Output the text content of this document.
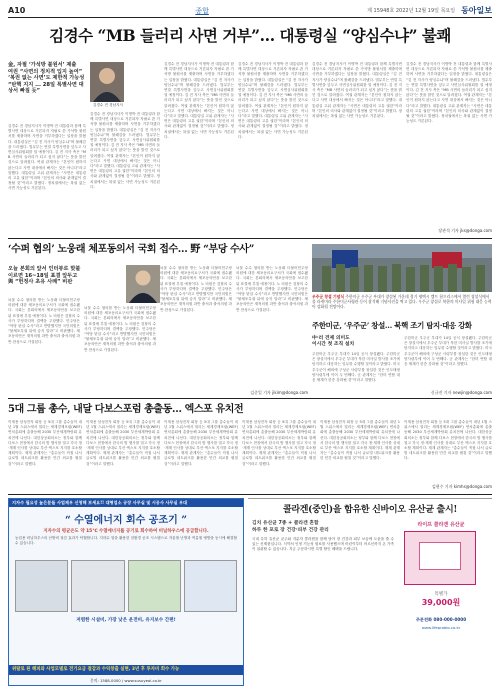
A10	종합	제 15948호 2022년 12월 19일 목요일 동아일보
김경수 “MB 들러리 사면 거부”… 대통령실 “양심수냐” 불쾌
金, 자필 ‘가석방 불원서’ 제출
여권 “사면의 정치적 입지 높여”
‘복권 없는 사면’도 제한적 가능성
“탄핵 지지 ... 28일 특별사면 대상서 빠질 듯”
김경수 전 경남지사
김경수 전 경남지사가 이명박 전 대통령과 함께 특별사면 대상으로 거론되자 자필로 쓴 가석방 불원서를 제출하며 사면을 거부하겠다는 입장을 밝혔다. 대통령실은 “김 전 지사가 양심수냐”며 불쾌감을 드러냈다. 법무부는 연말 특별사면을 앞두고 사면심사위원회를 열 예정이다. 김 전 지사 측은 “MB 사면의 들러리가 되고 싶지 않다”는 뜻을 밝힌 것으로 알려졌다. 여권 관계자는 “본인이 원하지 않는다고 사면 대상에서 빠지는 것은 아니다”라고 말했다. 대통령실 고위 관계자는 “사면은 대통령의 고유 권한”이라며 “본인의 의사와 관계없이 결정될 것”이라고 밝혔다. 정치권에서는 복권 없는 사면 가능성도 거론된다.
김경수 전 경남지사가 이명박 전 대통령과 함께 특별사면 대상으로 거론되자 자필로 쓴 가석방 불원서를 제출하며 사면을 거부하겠다는 입장을 밝혔다. 대통령실은 “김 전 지사가 양심수냐”며 불쾌감을 드러냈다. 법무부는 연말 특별사면을 앞두고 사면심사위원회를 열 예정이다. 김 전 지사 측은 “MB 사면의 들러리가 되고 싶지 않다”는 뜻을 밝힌 것으로 알려졌다. 여권 관계자는 “본인이 원하지 않는다고 사면 대상에서 빠지는 것은 아니다”라고 말했다. 대통령실 고위 관계자는 “사면은 대통령의 고유 권한”이라며 “본인의 의사와 관계없이 결정될 것”이라고 밝혔다. 정치권에서는 복권 없는 사면 가능성도 거론된다.
김경수 전 경남지사가 이명박 전 대통령과 함께 특별사면 대상으로 거론되자 자필로 쓴 가석방 불원서를 제출하며 사면을 거부하겠다는 입장을 밝혔다. 대통령실은 “김 전 지사가 양심수냐”며 불쾌감을 드러냈다. 법무부는 연말 특별사면을 앞두고 사면심사위원회를 열 예정이다. 김 전 지사 측은 “MB 사면의 들러리가 되고 싶지 않다”는 뜻을 밝힌 것으로 알려졌다. 여권 관계자는 “본인이 원하지 않는다고 사면 대상에서 빠지는 것은 아니다”라고 말했다. 대통령실 고위 관계자는 “사면은 대통령의 고유 권한”이라며 “본인의 의사와 관계없이 결정될 것”이라고 밝혔다. 정치권에서는 복권 없는 사면 가능성도 거론된다.
김경수 전 경남지사가 이명박 전 대통령과 함께 특별사면 대상으로 거론되자 자필로 쓴 가석방 불원서를 제출하며 사면을 거부하겠다는 입장을 밝혔다. 대통령실은 “김 전 지사가 양심수냐”며 불쾌감을 드러냈다. 법무부는 연말 특별사면을 앞두고 사면심사위원회를 열 예정이다. 김 전 지사 측은 “MB 사면의 들러리가 되고 싶지 않다”는 뜻을 밝힌 것으로 알려졌다. 여권 관계자는 “본인이 원하지 않는다고 사면 대상에서 빠지는 것은 아니다”라고 말했다. 대통령실 고위 관계자는 “사면은 대통령의 고유 권한”이라며 “본인의 의사와 관계없이 결정될 것”이라고 밝혔다. 정치권에서는 복권 없는 사면 가능성도 거론된다.
김경수 전 경남지사가 이명박 전 대통령과 함께 특별사면 대상으로 거론되자 자필로 쓴 가석방 불원서를 제출하며 사면을 거부하겠다는 입장을 밝혔다. 대통령실은 “김 전 지사가 양심수냐”며 불쾌감을 드러냈다. 법무부는 연말 특별사면을 앞두고 사면심사위원회를 열 예정이다. 김 전 지사 측은 “MB 사면의 들러리가 되고 싶지 않다”는 뜻을 밝힌 것으로 알려졌다. 여권 관계자는 “본인이 원하지 않는다고 사면 대상에서 빠지는 것은 아니다”라고 말했다. 대통령실 고위 관계자는 “사면은 대통령의 고유 권한”이라며 “본인의 의사와 관계없이 결정될 것”이라고 밝혔다. 정치권에서는 복권 없는 사면 가능성도 거론된다.
김경수 전 경남지사가 이명박 전 대통령과 함께 특별사면 대상으로 거론되자 자필로 쓴 가석방 불원서를 제출하며 사면을 거부하겠다는 입장을 밝혔다. 대통령실은 “김 전 지사가 양심수냐”며 불쾌감을 드러냈다. 법무부는 연말 특별사면을 앞두고 사면심사위원회를 열 예정이다. 김 전 지사 측은 “MB 사면의 들러리가 되고 싶지 않다”는 뜻을 밝힌 것으로 알려졌다. 여권 관계자는 “본인이 원하지 않는다고 사면 대상에서 빠지는 것은 아니다”라고 말했다. 대통령실 고위 관계자는 “사면은 대통령의 고유 권한”이라며 “본인의 의사와 관계없이 결정될 것”이라고 밝혔다. 정치권에서는 복권 없는 사면 가능성도 거론된다.
장관석 기자 jks@donga.com
‘수퍼 협의’ 노웅래 체포동의서 국회 접수… 野 “부당 수사”
오늘 본회의 앞서 인터뷰로 맞불
이르면 16~18일 표결 앞두고
與 “헌정사 초유 사례” 비판
뇌물 수수 혐의를 받는 노웅래 더불어민주당 의원에 대한 체포동의요구서가 국회에 접수됐다. 국회는 본회의에서 체포동의안을 보고한 뒤 표결에 부칠 예정이다. 노 의원은 검찰의 수사가 부당하다며 결백을 주장했다. 민주당은 “야당 탄압 수사”라고 반발했지만 국민의힘은 “불체포특권 뒤에 숨지 말라”고 비판했다. 체포동의안은 재적의원 과반 출석과 출석의원 과반 찬성으로 가결된다.
뇌물 수수 혐의를 받는 노웅래 더불어민주당 의원에 대한 체포동의요구서가 국회에 접수됐다. 국회는 본회의에서 체포동의안을 보고한 뒤 표결에 부칠 예정이다. 노 의원은 검찰의 수사가 부당하다며 결백을 주장했다. 민주당은 “야당 탄압 수사”라고 반발했지만 국민의힘은 “불체포특권 뒤에 숨지 말라”고 비판했다. 체포동의안은 재적의원 과반 출석과 출석의원 과반 찬성으로 가결된다.
뇌물 수수 혐의를 받는 노웅래 더불어민주당 의원에 대한 체포동의요구서가 국회에 접수됐다. 국회는 본회의에서 체포동의안을 보고한 뒤 표결에 부칠 예정이다. 노 의원은 검찰의 수사가 부당하다며 결백을 주장했다. 민주당은 “야당 탄압 수사”라고 반발했지만 국민의힘은 “불체포특권 뒤에 숨지 말라”고 비판했다. 체포동의안은 재적의원 과반 출석과 출석의원 과반 찬성으로 가결된다.
뇌물 수수 혐의를 받는 노웅래 더불어민주당 의원에 대한 체포동의요구서가 국회에 접수됐다. 국회는 본회의에서 체포동의안을 보고한 뒤 표결에 부칠 예정이다. 노 의원은 검찰의 수사가 부당하다며 결백을 주장했다. 민주당은 “야당 탄압 수사”라고 반발했지만 국민의힘은 “불체포특권 뒤에 숨지 말라”고 비판했다. 체포동의안은 재적의원 과반 출석과 출석의원 과반 찬성으로 가결된다.
김준일 기자 jikim@donga.com
우주군 창설 기념식 주한미군 우주군 부대가 창설된 가운데 경기 평택시 캠프 험프리스에서 열린 창설식에서 폴 라캐머라 주한미군사령관 등이 참석해 기념사진을 찍고 있다. 우주군 창설로 북한의 미사일 위협 대응 능력이 강화될 전망이다.
주한미군, ‘우주군’ 창설… 북핵 조기 탐지·대응 강화
中·러 견제 의미도
이시간 첫 조직 설치
주한미군 우주군 부대가 14일 공식 창설됐다. 주한미군은 창설식에서 우주군 부대가 북한 미사일 발사를 조기에 탐지하고 대응하는 임무를 수행할 것이라고 밝혔다. 미국 우주군이 해외에 구성군 사령부를 창설한 것은 인도태평양사령부에 이어 두 번째다. 군 관계자는 “한미 연합 대응 체계가 한층 강화될 것”이라고 말했다.
주한미군 우주군 부대가 14일 공식 창설됐다. 주한미군은 창설식에서 우주군 부대가 북한 미사일 발사를 조기에 탐지하고 대응하는 임무를 수행할 것이라고 밝혔다. 미국 우주군이 해외에 구성군 사령부를 창설한 것은 인도태평양사령부에 이어 두 번째다. 군 관계자는 “한미 연합 대응 체계가 한층 강화될 것”이라고 말했다.
신규진 기자 newjin@donga.com
5대 그룹 총수, 내달 다보스포럼 총출동… 엑스포 유치전
이재용 삼성전자 회장 등 5대 그룹 총수들이 내년 1월 스위스에서 열리는 세계경제포럼(WEF) 연차총회에 총출동해 2030 부산세계박람회 유치전에 나선다. 대한상공회의소는 정부와 함께 다보스 현장에서 한국의 밤 행사를 열고 각국 정·재계 인사를 상대로 부산 엑스포 지지를 호소할 계획이다. 재계 관계자는 “총수들이 직접 나서 글로벌 네트워크를 활용한 민간 외교를 펼칠 것”이라고 말했다.
이재용 삼성전자 회장 등 5대 그룹 총수들이 내년 1월 스위스에서 열리는 세계경제포럼(WEF) 연차총회에 총출동해 2030 부산세계박람회 유치전에 나선다. 대한상공회의소는 정부와 함께 다보스 현장에서 한국의 밤 행사를 열고 각국 정·재계 인사를 상대로 부산 엑스포 지지를 호소할 계획이다. 재계 관계자는 “총수들이 직접 나서 글로벌 네트워크를 활용한 민간 외교를 펼칠 것”이라고 말했다.
이재용 삼성전자 회장 등 5대 그룹 총수들이 내년 1월 스위스에서 열리는 세계경제포럼(WEF) 연차총회에 총출동해 2030 부산세계박람회 유치전에 나선다. 대한상공회의소는 정부와 함께 다보스 현장에서 한국의 밤 행사를 열고 각국 정·재계 인사를 상대로 부산 엑스포 지지를 호소할 계획이다. 재계 관계자는 “총수들이 직접 나서 글로벌 네트워크를 활용한 민간 외교를 펼칠 것”이라고 말했다.
이재용 삼성전자 회장 등 5대 그룹 총수들이 내년 1월 스위스에서 열리는 세계경제포럼(WEF) 연차총회에 총출동해 2030 부산세계박람회 유치전에 나선다. 대한상공회의소는 정부와 함께 다보스 현장에서 한국의 밤 행사를 열고 각국 정·재계 인사를 상대로 부산 엑스포 지지를 호소할 계획이다. 재계 관계자는 “총수들이 직접 나서 글로벌 네트워크를 활용한 민간 외교를 펼칠 것”이라고 말했다.
이재용 삼성전자 회장 등 5대 그룹 총수들이 내년 1월 스위스에서 열리는 세계경제포럼(WEF) 연차총회에 총출동해 2030 부산세계박람회 유치전에 나선다. 대한상공회의소는 정부와 함께 다보스 현장에서 한국의 밤 행사를 열고 각국 정·재계 인사를 상대로 부산 엑스포 지지를 호소할 계획이다. 재계 관계자는 “총수들이 직접 나서 글로벌 네트워크를 활용한 민간 외교를 펼칠 것”이라고 말했다.
이재용 삼성전자 회장 등 5대 그룹 총수들이 내년 1월 스위스에서 열리는 세계경제포럼(WEF) 연차총회에 총출동해 2030 부산세계박람회 유치전에 나선다. 대한상공회의소는 정부와 함께 다보스 현장에서 한국의 밤 행사를 열고 각국 정·재계 인사를 상대로 부산 엑스포 지지를 호소할 계획이다. 재계 관계자는 “총수들이 직접 나서 글로벌 네트워크를 활용한 민간 외교를 펼칠 것”이라고 말했다.
김현수 기자 kimhs@donga.com
지자수 필요성 높은분들 사업제우 신청해 보세요!! 대형업소 공장 사무실 및 시공사 사무실 우대
“ 수열에너지 회수 공조기 ”
지자수의 평균온도 약 15℃ 수열에너지를 공기로 회수하여 비닐하우스에 공급합니다.
농업용 비닐하우스의 난방비 절감 효과가 탁월합니다. 지하수 열을 활용한 친환경 공조 시스템으로 겨울철 난방과 여름철 냉방을 동시에 해결할 수 있습니다.
저렴한 시설비, 가장 낮은 운전비, 유지보수 간편!
위탈로 된 해피와 사업모델로 전기요금 절감과 수익창출 실현, 3년 후 투자비 회수 가능
문의: 1588-0000 / www.susuyeol.co.kr
콜라겐(중인)을 함유한 신바이오 유산균 출시!
김치 유산균 7종 + 콜라겐 혼합
하루 한 포로 장 건강·피부 건강 관리
라이프 콜라겐 유산균
국내 특허 유산균 균주와 저분자 콜라겐을 함께 담아 장 건강과 피부 보습에 도움을 줄 수 있는 신제품입니다. 식약처 인정 기능성 원료를 사용했으며 어린이부터 어르신까지 온 가족이 섭취할 수 있습니다. 지금 주문하시면 특별 할인 혜택을 드립니다.
특별가
39,000원
주문전화 080-000-0000
www.lifeprobio.co.kr
